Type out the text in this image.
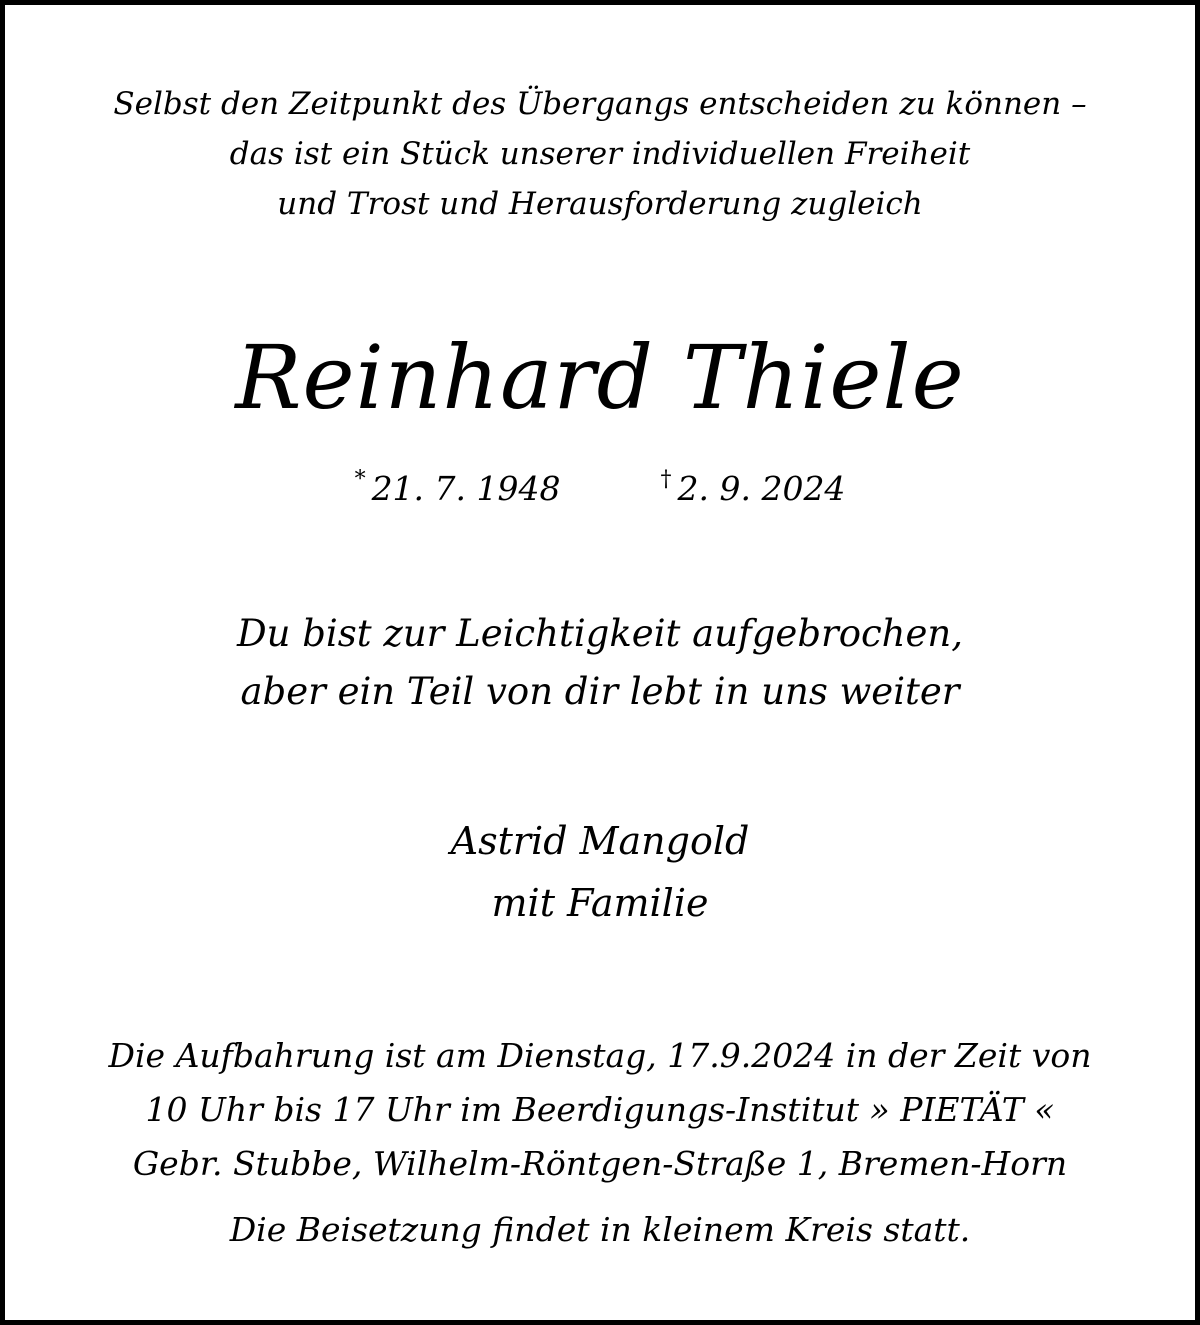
Selbst den Zeitpunkt des Übergangs entscheiden zu können –
das ist ein Stück unserer individuellen Freiheit
und Trost und Herausforderung zugleich
Reinhard Thiele
* 21. 7. 1948	† 2. 9. 2024
Du bist zur Leichtigkeit aufgebrochen,
aber ein Teil von dir lebt in uns weiter
Astrid Mangold
mit Familie
Die Aufbahrung ist am Dienstag, 17.9.2024 in der Zeit von
10 Uhr bis 17 Uhr im Beerdigungs-Institut » PIETÄT «
Gebr. Stubbe, Wilhelm-Röntgen-Straße 1, Bremen-Horn
Die Beisetzung findet in kleinem Kreis statt.
